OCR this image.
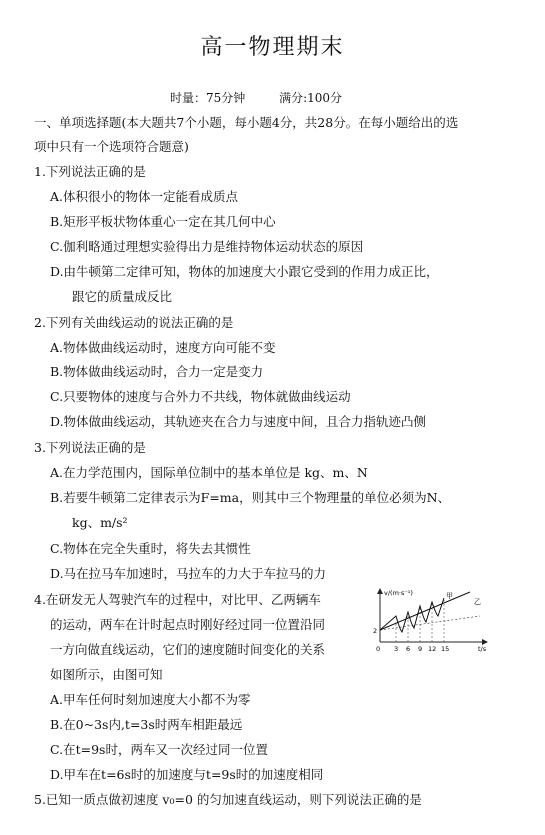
高一物理期末
时量：75分钟	满分:100分
一、单项选择题(本大题共7个小题，每小题4分，共28分。在每小题给出的选
项中只有一个选项符合题意)
1.下列说法正确的是
A.体积很小的物体一定能看成质点
B.矩形平板状物体重心一定在其几何中心
C.伽利略通过理想实验得出力是维持物体运动状态的原因
D.由牛顿第二定律可知，物体的加速度大小跟它受到的作用力成正比，
跟它的质量成反比
2.下列有关曲线运动的说法正确的是
A.物体做曲线运动时，速度方向可能不变
B.物体做曲线运动时，合力一定是变力
C.只要物体的速度与合外力不共线，物体就做曲线运动
D.物体做曲线运动，其轨迹夹在合力与速度中间，且合力指轨迹凸侧
3.下列说法正确的是
A.在力学范围内，国际单位制中的基本单位是 kg、m、N
B.若要牛顿第二定律表示为F=ma，则其中三个物理量的单位必须为N、
kg、m/s²
C.物体在完全失重时，将失去其惯性
D.马在拉马车加速时，马拉车的力大于车拉马的力
4.在研发无人驾驶汽车的过程中，对比甲、乙两辆车
的运动，两车在计时起点时刚好经过同一位置沿同
一方向做直线运动，它们的速度随时间变化的关系
如图所示，由图可知
A.甲车任何时刻加速度大小都不为零
B.在0~3s内,t=3s时两车相距最远
C.在t=9s时，两车又一次经过同一位置
D.甲车在t=6s时的加速度与t=9s时的加速度相同
5.已知一质点做初速度 v₀=0 的匀加速直线运动，则下列说法正确的是
v/(m·s⁻¹)
t/s
0 3 6 9 12 15
2
甲
乙
